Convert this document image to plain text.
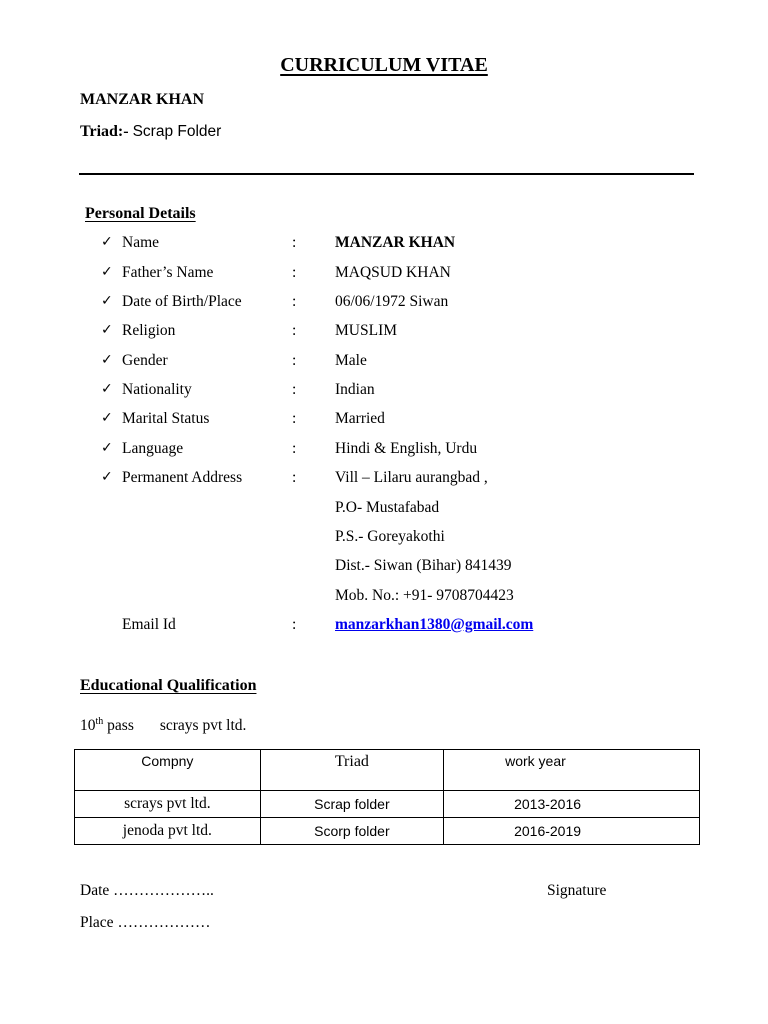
CURRICULUM VITAE
MANZAR KHAN
Triad:- Scrap Folder
Personal Details
✓ Name	: MANZAR KHAN
✓ Father’s Name	: MAQSUD KHAN
✓ Date of Birth/Place	: 06/06/1972 Siwan
✓ Religion	: MUSLIM
✓ Gender	: Male
✓ Nationality	: Indian
✓ Marital Status	: Married
✓ Language	: Hindi & English, Urdu
✓ Permanent Address	: Vill – Lilaru aurangbad ,
P.O- Mustafabad
P.S.- Goreyakothi
Dist.- Siwan (Bihar) 841439
Mob. No.: +91- 9708704423
Email Id	: manzarkhan1380@gmail.com
Educational Qualification
10th pass scrays pvt ltd.
Compny	Triad	work year
scrays pvt ltd.	Scrap folder	2013-2016
jenoda pvt ltd.	Scorp folder	2016-2019
Date ………………..	Signature
Place ………………
